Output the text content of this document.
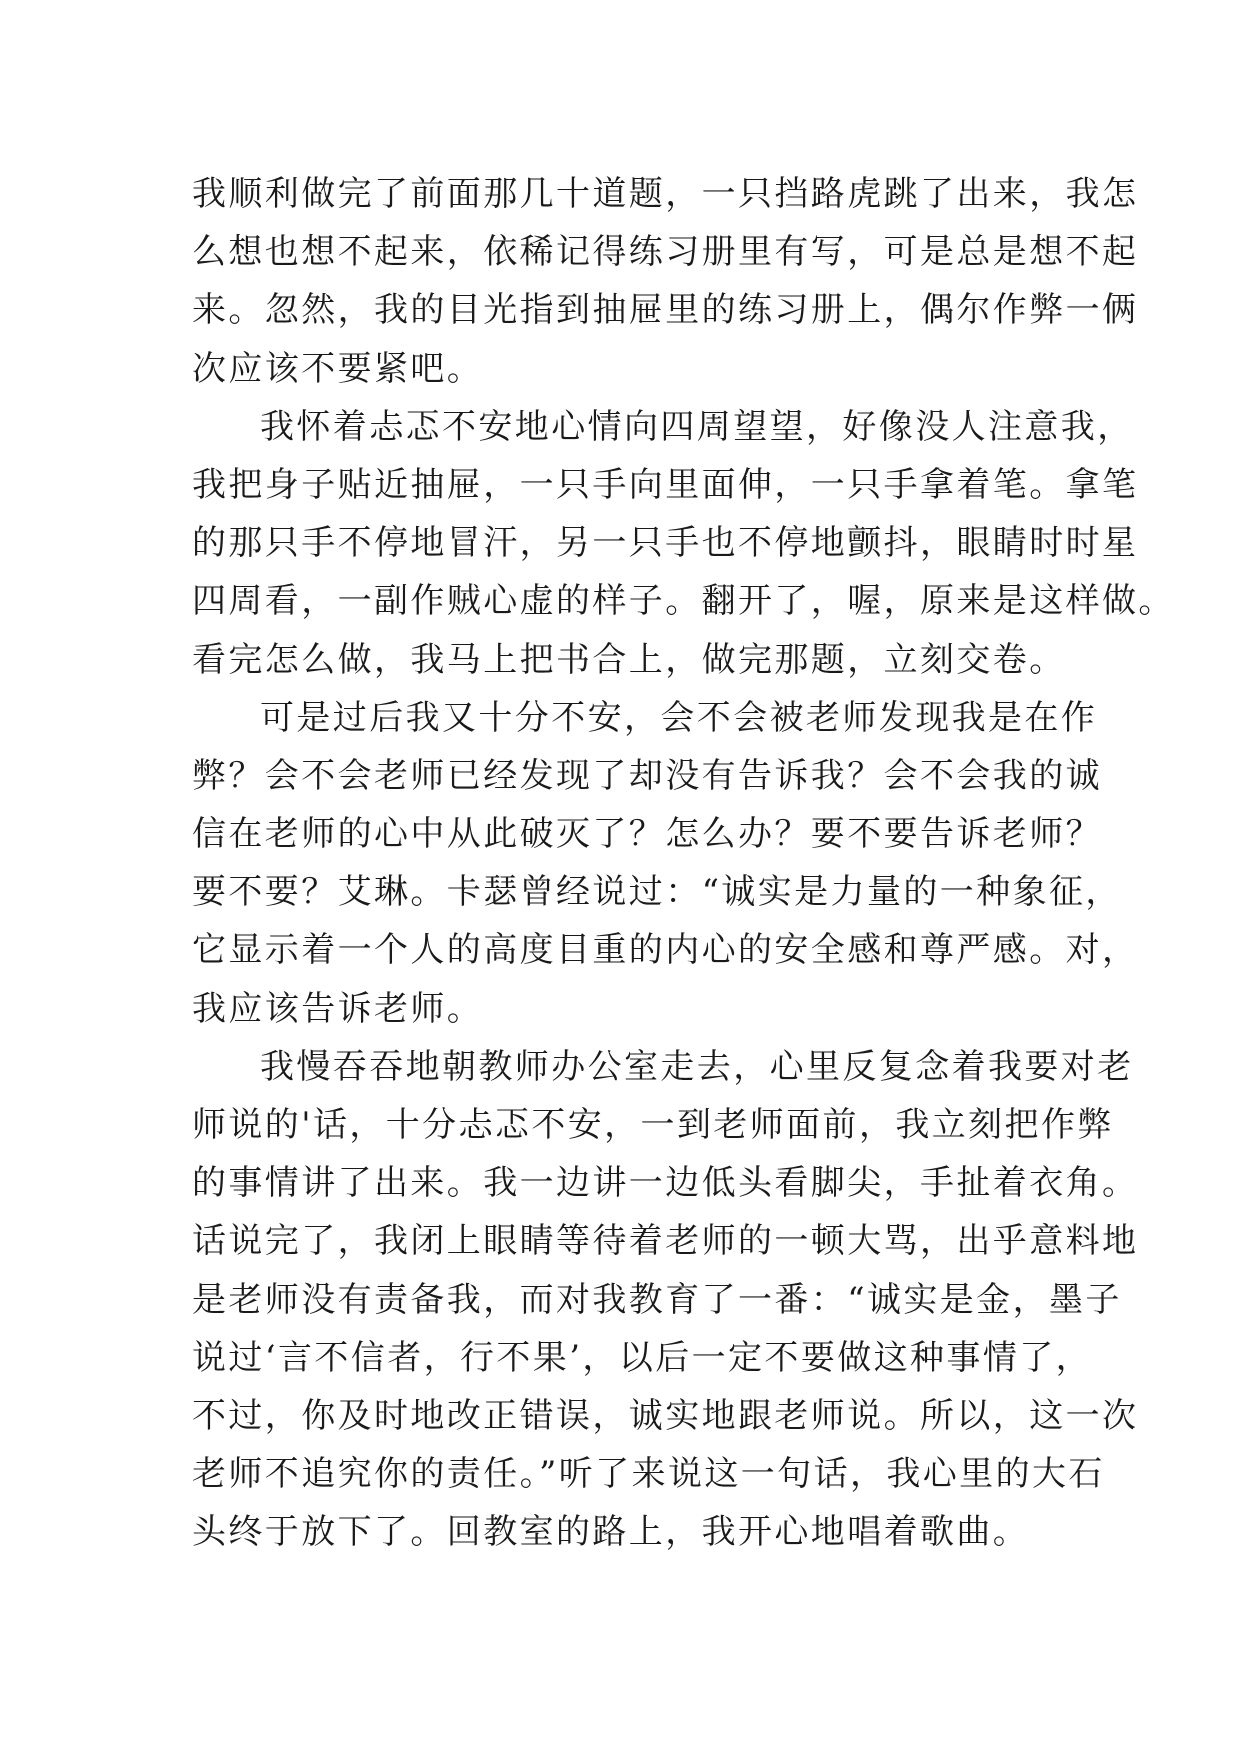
我顺利做完了前面那几十道题，一只挡路虎跳了出来，我怎
么想也想不起来，依稀记得练习册里有写，可是总是想不起
来。忽然，我的目光指到抽屉里的练习册上，偶尔作弊一俩
次应该不要紧吧。
我怀着忐忑不安地心情向四周望望，好像没人注意我，
我把身子贴近抽屉，一只手向里面伸，一只手拿着笔。拿笔
的那只手不停地冒汗，另一只手也不停地颤抖，眼睛时时星
四周看，一副作贼心虚的样子。翻开了，喔，原来是这样做。
看完怎么做，我马上把书合上，做完那题，立刻交卷。
可是过后我又十分不安，会不会被老师发现我是在作
弊？会不会老师已经发现了却没有告诉我？会不会我的诚
信在老师的心中从此破灭了？怎么办？要不要告诉老师？
要不要？艾琳。卡瑟曾经说过：“诚实是力量的一种象征，
它显示着一个人的高度目重的内心的安全感和尊严感。对，
我应该告诉老师。
我慢吞吞地朝教师办公室走去，心里反复念着我要对老
师说的'话，十分忐忑不安，一到老师面前，我立刻把作弊
的事情讲了出来。我一边讲一边低头看脚尖，手扯着衣角。
话说完了，我闭上眼睛等待着老师的一顿大骂，出乎意料地
是老师没有责备我，而对我教育了一番：“诚实是金，墨子
说过‘言不信者，行不果’，以后一定不要做这种事情了，
不过，你及时地改正错误，诚实地跟老师说。所以，这一次
老师不追究你的责任。”听了来说这一句话，我心里的大石
头终于放下了。回教室的路上，我开心地唱着歌曲。
